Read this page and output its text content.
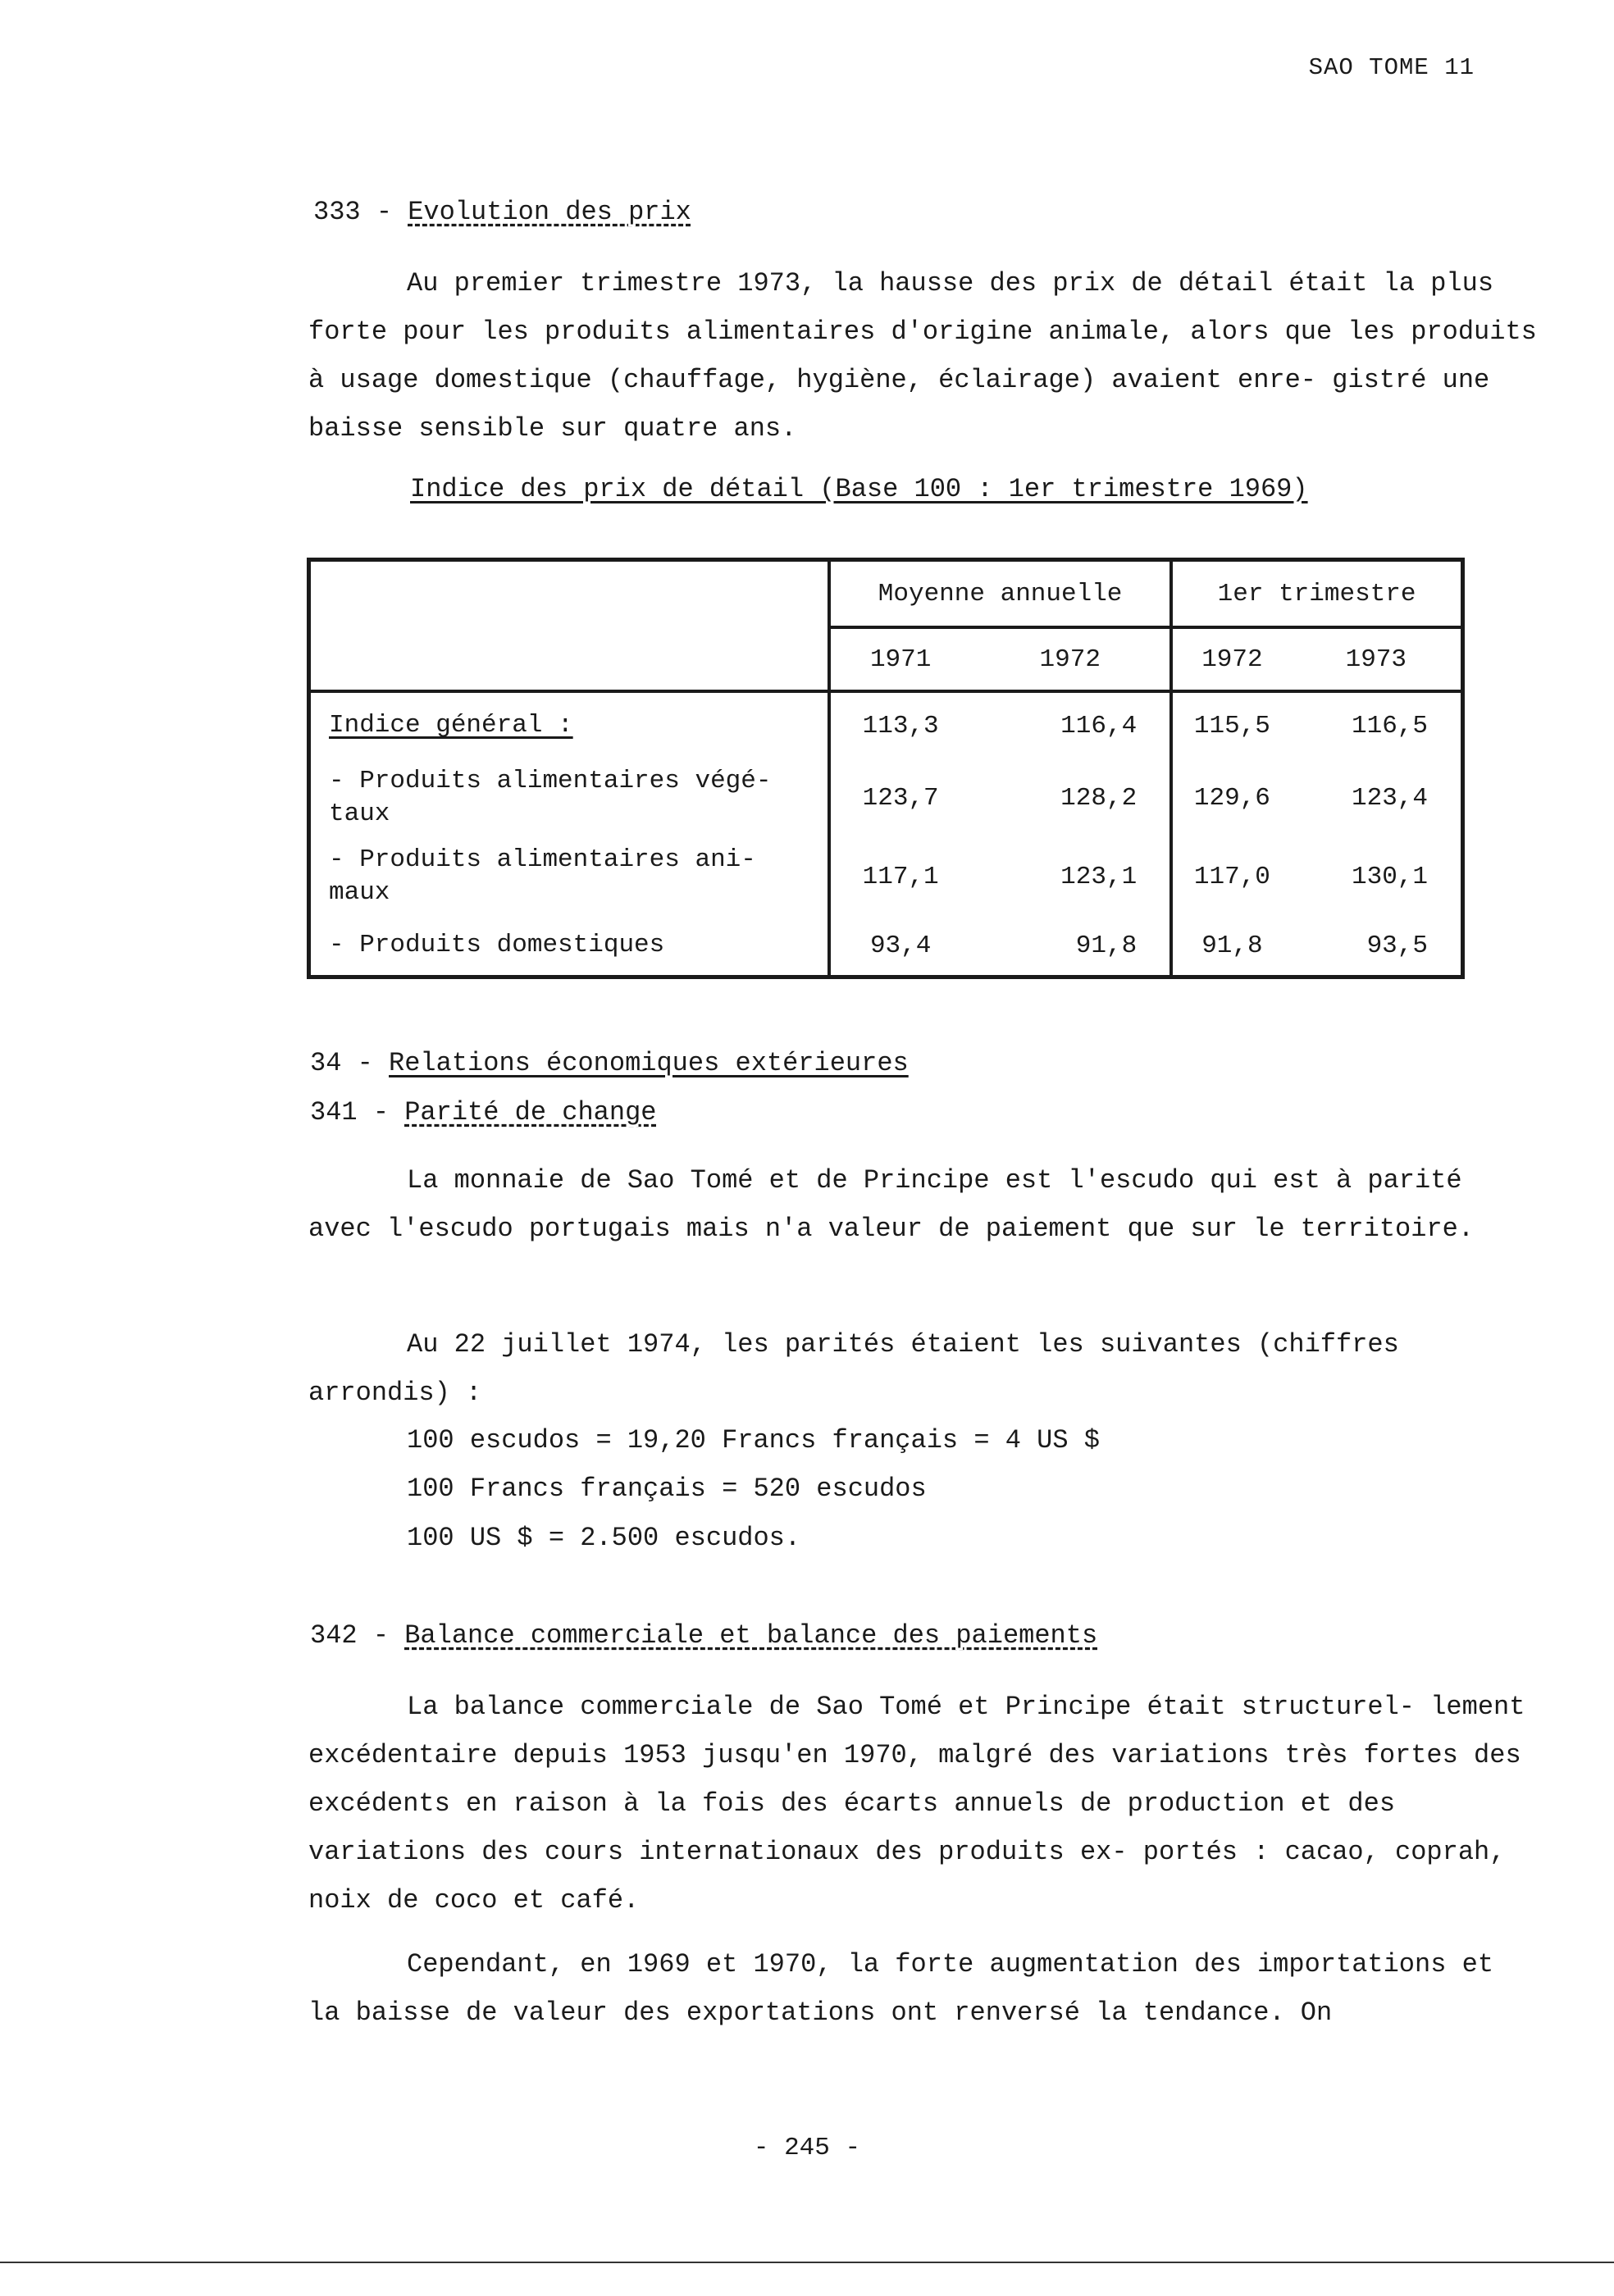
SAO TOME 11
333 - Evolution des prix

Au premier trimestre 1973, la hausse des prix de détail était la plus forte pour les produits alimentaires d'origine animale, alors que les produits à usage domestique (chauffage, hygiène, éclairage) avaient enre- gistré une baisse sensible sur quatre ans.

Indice des prix de détail (Base 100 : 1er trimestre 1969)
	Moyenne annuelle		1er trimestre	
	1971	1972	1972	1973

Indice général :	113,3	116,4	115,5	116,5
- Produits alimentaires végé- taux	123,7	128,2	129,6	123,4
- Produits alimentaires ani- maux	117,1	123,1	117,0	130,1
- Produits domestiques	93,4	91,8	91,8	93,5
34 - Relations économiques extérieures
341 - Parité de change

La monnaie de Sao Tomé et de Principe est l'escudo qui est à parité avec l'escudo portugais mais n'a valeur de paiement que sur le territoire.

Au 22 juillet 1974, les parités étaient les suivantes (chiffres arrondis) :

100 escudos = 19,20 Francs français = 4 US $
100 Francs français = 520 escudos
100 US $ = 2.500 escudos.
342 - Balance commerciale et balance des paiements

La balance commerciale de Sao Tomé et Principe était structurel- lement excédentaire depuis 1953 jusqu'en 1970, malgré des variations très fortes des excédents en raison à la fois des écarts annuels de production et des variations des cours internationaux des produits ex- portés : cacao, coprah, noix de coco et café.

Cependant, en 1969 et 1970, la forte augmentation des importations et la baisse de valeur des exportations ont renversé la tendance. On

- 245 -
